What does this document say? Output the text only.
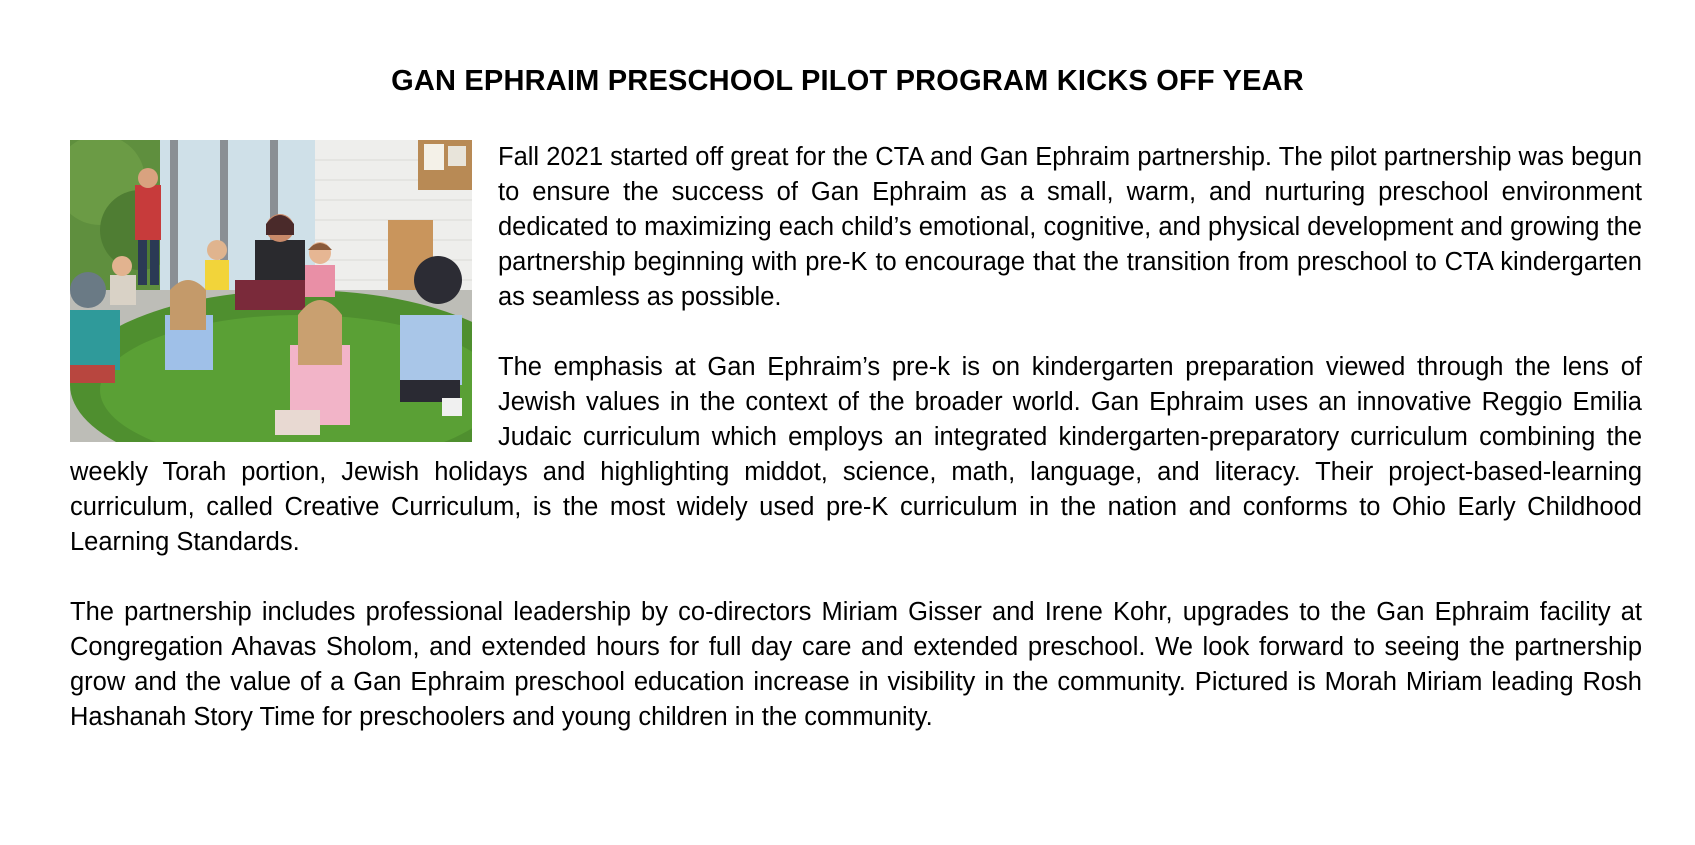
GAN EPHRAIM PRESCHOOL PILOT PROGRAM KICKS OFF YEAR

Fall 2021 started off great for the CTA and Gan Ephraim partnership. The pilot partnership was begun to ensure the success of Gan Ephraim as a small, warm, and nurturing preschool environment dedicated to maximizing each child’s emotional, cognitive, and physical development and growing the partnership beginning with pre-K to encourage that the transition from preschool to CTA kindergarten as seamless as possible.

The emphasis at Gan Ephraim’s pre-k is on kindergarten preparation viewed through the lens of Jewish values in the context of the broader world. Gan Ephraim uses an innovative Reggio Emilia Judaic curriculum which employs an integrated kindergarten-preparatory curriculum combining the weekly Torah portion, Jewish holidays and highlighting middot, science, math, language, and literacy. Their project-based-learning curriculum, called Creative Curriculum, is the most widely used pre-K curriculum in the nation and conforms to Ohio Early Childhood Learning Standards.

The partnership includes professional leadership by co-directors Miriam Gisser and Irene Kohr, upgrades to the Gan Ephraim facility at Congregation Ahavas Sholom, and extended hours for full day care and extended preschool. We look forward to seeing the partnership grow and the value of a Gan Ephraim preschool education increase in visibility in the community. Pictured is Morah Miriam leading Rosh Hashanah Story Time for preschoolers and young children in the community.
